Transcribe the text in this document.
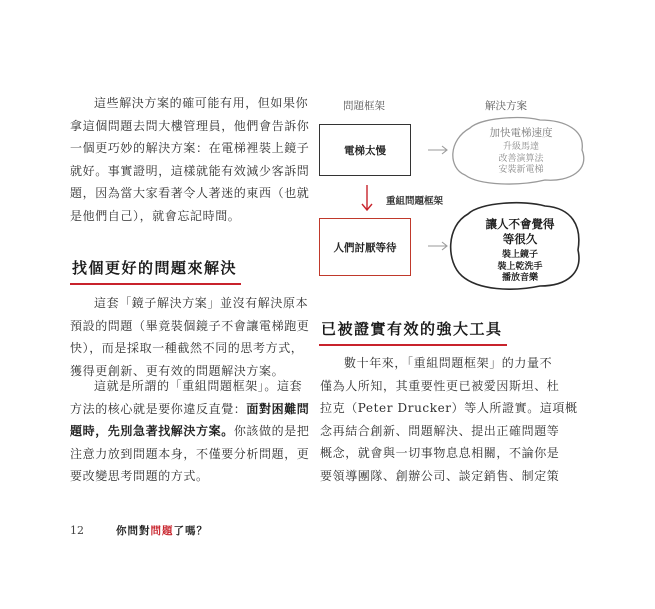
這些解決方案的確可能有用，但如果你
拿這個問題去問大樓管理員，他們會告訴你
一個更巧妙的解決方案：在電梯裡裝上鏡子
就好。事實證明，這樣就能有效減少客訴問
題，因為當大家看著令人著迷的東西（也就
是他們自己），就會忘記時間。
找個更好的問題來解決
這套「鏡子解決方案」並沒有解決原本
預設的問題（畢竟裝個鏡子不會讓電梯跑更
快），而是採取一種截然不同的思考方式，
獲得更創新、更有效的問題解決方案。
這就是所謂的「重組問題框架」。這套
方法的核心就是要你違反直覺：面對困難問
題時，先別急著找解決方案。你該做的是把
注意力放到問題本身，不僅要分析問題，更
要改變思考問題的方式。
問題框架	解決方案
電梯太慢
重組問題框架
人們討厭等待
加快電梯速度
升級馬達
改善演算法
安裝新電梯
讓人不會覺得
等很久
裝上鏡子
裝上乾洗手
播放音樂
已被證實有效的強大工具
數十年來，「重組問題框架」的力量不
僅為人所知，其重要性更已被愛因斯坦、杜
拉克（Peter Drucker）等人所證實。這項概
念再結合創新、問題解決、提出正確問題等
概念，就會與一切事物息息相關，不論你是
要領導團隊、創辦公司、談定銷售、制定策
12	你問對問題了嗎？
